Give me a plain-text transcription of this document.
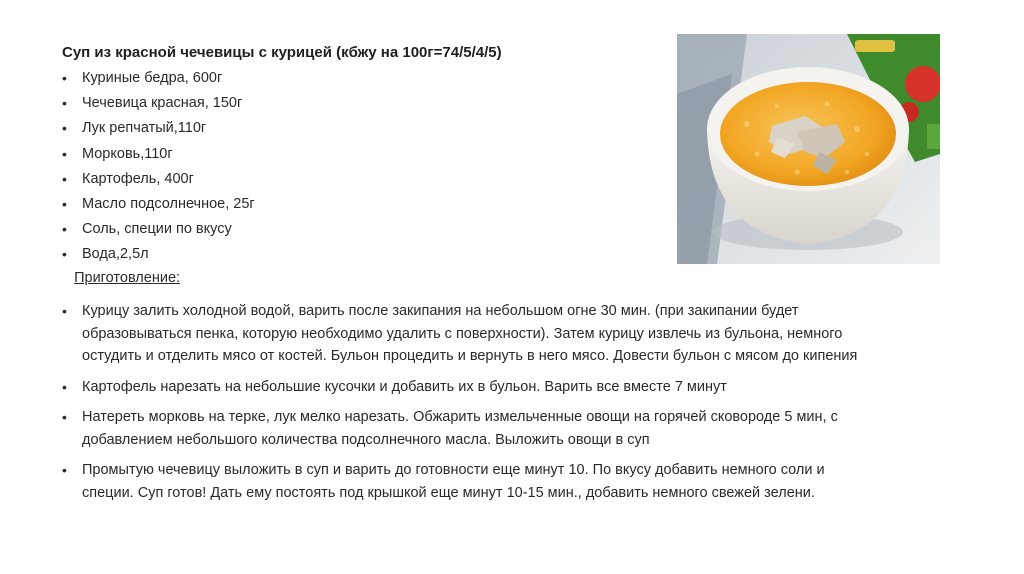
Суп из красной чечевицы с курицей (кбжу на 100г=74/5/4/5)
• Куриные бедра, 600г
• Чечевица красная, 150г
• Лук репчатый,110г
• Морковь,110г
• Картофель, 400г
• Масло подсолнечное, 25г
• Соль, специи по вкусу
• Вода,2,5л
Приготовление:
• Курицу залить холодной водой, варить после закипания на небольшом огне 30 мин. (при закипании будет
образовываться пенка, которую необходимо удалить с поверхности). Затем курицу извлечь из бульона, немного
остудить и отделить мясо от костей. Бульон процедить и вернуть в него мясо. Довести бульон с мясом до кипения
• Картофель нарезать на небольшие кусочки и добавить их в бульон. Варить все вместе 7 минут
• Натереть морковь на терке, лук мелко нарезать. Обжарить измельченные овощи на горячей сковороде 5 мин, с
добавлением небольшого количества подсолнечного масла. Выложить овощи в суп
• Промытую чечевицу выложить в суп и варить до готовности еще минут 10. По вкусу добавить немного соли и
специи. Суп готов! Дать ему постоять под крышкой еще минут 10-15 мин., добавить немного свежей зелени.
